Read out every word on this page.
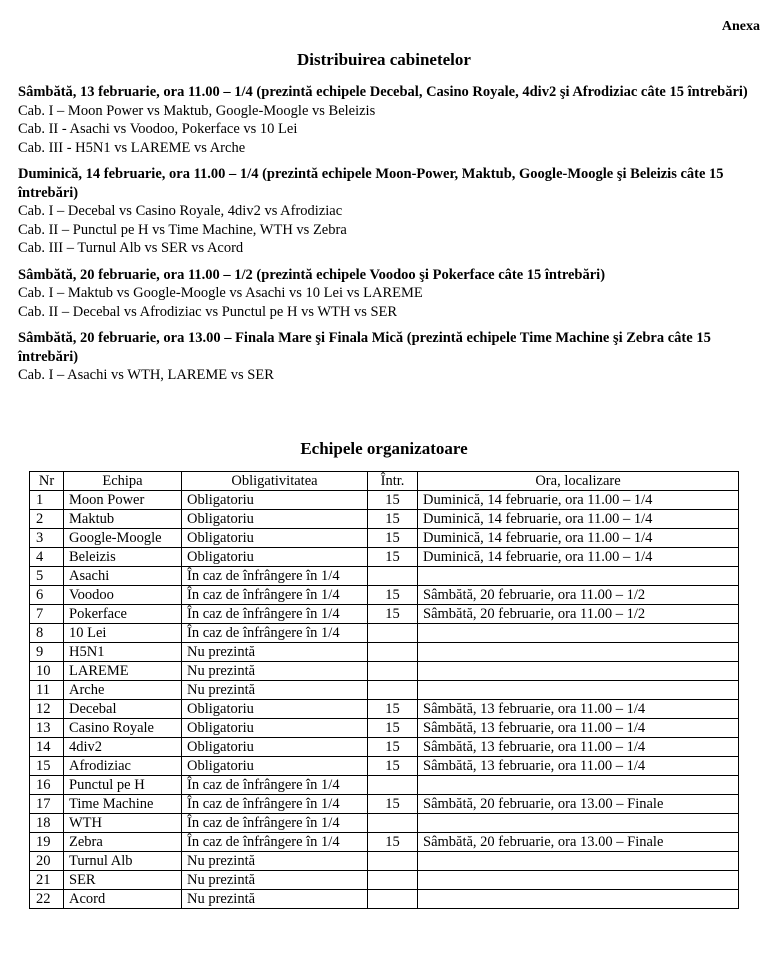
Anexa
Distribuirea cabinetelor
Sâmbătă, 13 februarie, ora 11.00 – 1/4 (prezintă echipele Decebal, Casino Royale, 4div2 şi Afrodiziac câte 15 întrebări)
Cab. I – Moon Power vs Maktub, Google-Moogle vs Beleizis
Cab. II - Asachi vs Voodoo, Pokerface vs 10 Lei
Cab. III - H5N1 vs LAREME vs Arche
Duminică, 14 februarie, ora 11.00 – 1/4 (prezintă echipele Moon-Power, Maktub, Google-Moogle şi Beleizis câte 15 întrebări)
Cab. I – Decebal vs Casino Royale, 4div2 vs Afrodiziac
Cab. II – Punctul pe H vs Time Machine, WTH vs Zebra
Cab. III – Turnul Alb vs SER vs Acord
Sâmbătă, 20 februarie, ora 11.00 – 1/2 (prezintă echipele Voodoo şi Pokerface câte 15 întrebări)
Cab. I – Maktub vs Google-Moogle vs Asachi vs 10 Lei vs LAREME
Cab. II – Decebal vs Afrodiziac vs Punctul pe H vs WTH vs SER
Sâmbătă, 20 februarie, ora 13.00 – Finala Mare şi Finala Mică (prezintă echipele Time Machine şi Zebra câte 15 întrebări)
Cab. I – Asachi vs WTH, LAREME vs SER
Echipele organizatoare
Nr	Echipa	Obligativitatea	Într.	Ora, localizare
1	Moon Power	Obligatoriu	15	Duminică, 14 februarie, ora 11.00 – 1/4
2	Maktub	Obligatoriu	15	Duminică, 14 februarie, ora 11.00 – 1/4
3	Google-Moogle	Obligatoriu	15	Duminică, 14 februarie, ora 11.00 – 1/4
4	Beleizis	Obligatoriu	15	Duminică, 14 februarie, ora 11.00 – 1/4
5	Asachi	În caz de înfrângere în 1/4		
6	Voodoo	În caz de înfrângere în 1/4	15	Sâmbătă, 20 februarie, ora 11.00 – 1/2
7	Pokerface	În caz de înfrângere în 1/4	15	Sâmbătă, 20 februarie, ora 11.00 – 1/2
8	10 Lei	În caz de înfrângere în 1/4		
9	H5N1	Nu prezintă		
10	LAREME	Nu prezintă		
11	Arche	Nu prezintă		
12	Decebal	Obligatoriu	15	Sâmbătă, 13 februarie, ora 11.00 – 1/4
13	Casino Royale	Obligatoriu	15	Sâmbătă, 13 februarie, ora 11.00 – 1/4
14	4div2	Obligatoriu	15	Sâmbătă, 13 februarie, ora 11.00 – 1/4
15	Afrodiziac	Obligatoriu	15	Sâmbătă, 13 februarie, ora 11.00 – 1/4
16	Punctul pe H	În caz de înfrângere în 1/4		
17	Time Machine	În caz de înfrângere în 1/4	15	Sâmbătă, 20 februarie, ora 13.00 – Finale
18	WTH	În caz de înfrângere în 1/4		
19	Zebra	În caz de înfrângere în 1/4	15	Sâmbătă, 20 februarie, ora 13.00 – Finale
20	Turnul Alb	Nu prezintă		
21	SER	Nu prezintă		
22	Acord	Nu prezintă		
